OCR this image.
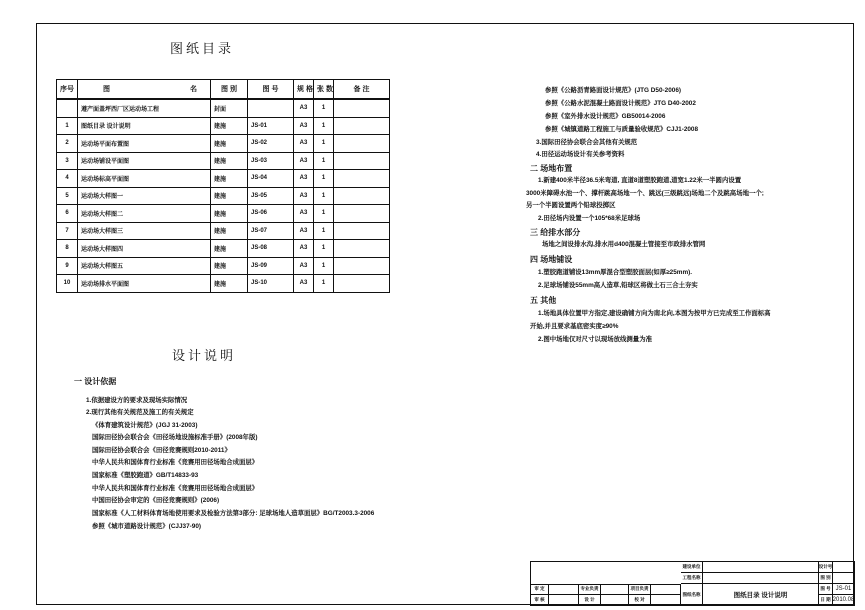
图纸目录
序号	图 名	图 别	图 号	规 格	张 数	备 注
	遵产面盖坪西厂区运动场工程	封面		A3	1	
1	图纸目录 设计说明	建施	JS-01	A3	1	
2	运动场平面布置图	建施	JS-02	A3	1	
3	运动场铺设平面图	建施	JS-03	A3	1	
4	运动场标高平面图	建施	JS-04	A3	1	
5	运动场大样图一	建施	JS-05	A3	1	
6	运动场大样图二	建施	JS-06	A3	1	
7	运动场大样图三	建施	JS-07	A3	1	
8	运动场大样图四	建施	JS-08	A3	1	
9	运动场大样图五	建施	JS-09	A3	1	
10	运动场排水平面图	建施	JS-10	A3	1	
设计说明
一 设计依据
1.依据建设方的要求及现场实际情况
2.现行其他有关规范及施工的有关规定
《体育建筑设计规范》(JGJ 31-2003)
国际田径协会联合会《田径场地设施标准手册》(2008年版)
国际田径协会联合会《田径竞赛规则2010-2011》
中华人民共和国体育行业标准《竞赛用田径场地合成面层》
国家标准《塑胶跑道》GB/T14833-93
中华人民共和国体育行业标准《竞赛用田径场地合成面层》
中国田径协会审定的《田径竞赛规则》(2006)
国家标准《人工材料体育场地使用要求及检验方法第3部分: 足球场地人造草面层》BG/T2003.3-2006
参照《城市道路设计规范》(CJJ37-90)
参照《公路沥青路面设计规范》(JTG D50-2006)
参照《公路水泥混凝土路面设计规范》JTG D40-2002
参照《室外排水设计规范》GB50014-2006
参照《城镇道路工程施工与质量验收规范》CJJ1-2008
3.国际田径协会联合会其他有关规范
4.田径运动场设计有关参考资料
二 场地布置
1.新建400米半径36.5米弯道, 直道8道塑胶跑道,道宽1.22米一半圆内设置
3000米障碍水池一个、撑杆跳高场地一个、跳远(三级跳远)场地二个及跳高场地一个;
另一个半圆设置两个铅球投掷区
2.田径场内设置一个105*68米足球场
三 给排水部分
场地之间设排水沟,排水用d400混凝土管接至市政排水管网
四 场地铺设
1.塑胶跑道铺设13mm厚混合型塑胶面层(如厚≥25mm).
2.足球场铺设55mm高人造草,铅球区将做土石三合土夯实
五 其他
1.场地具体位置甲方指定,建设确铺方向为南北向,本图为按甲方已完成至工作面标高
开始,并且要求基底密实度≥90%
2.图中场地仅对尺寸以现场放线测量为准
建设单位	设计号
工程名称	图 别
审 定	专业负责	项目负责
审 核	设 计	校 对
图纸名称	图纸目录 设计说明
图 号 JS-01
日 期 2010.08
